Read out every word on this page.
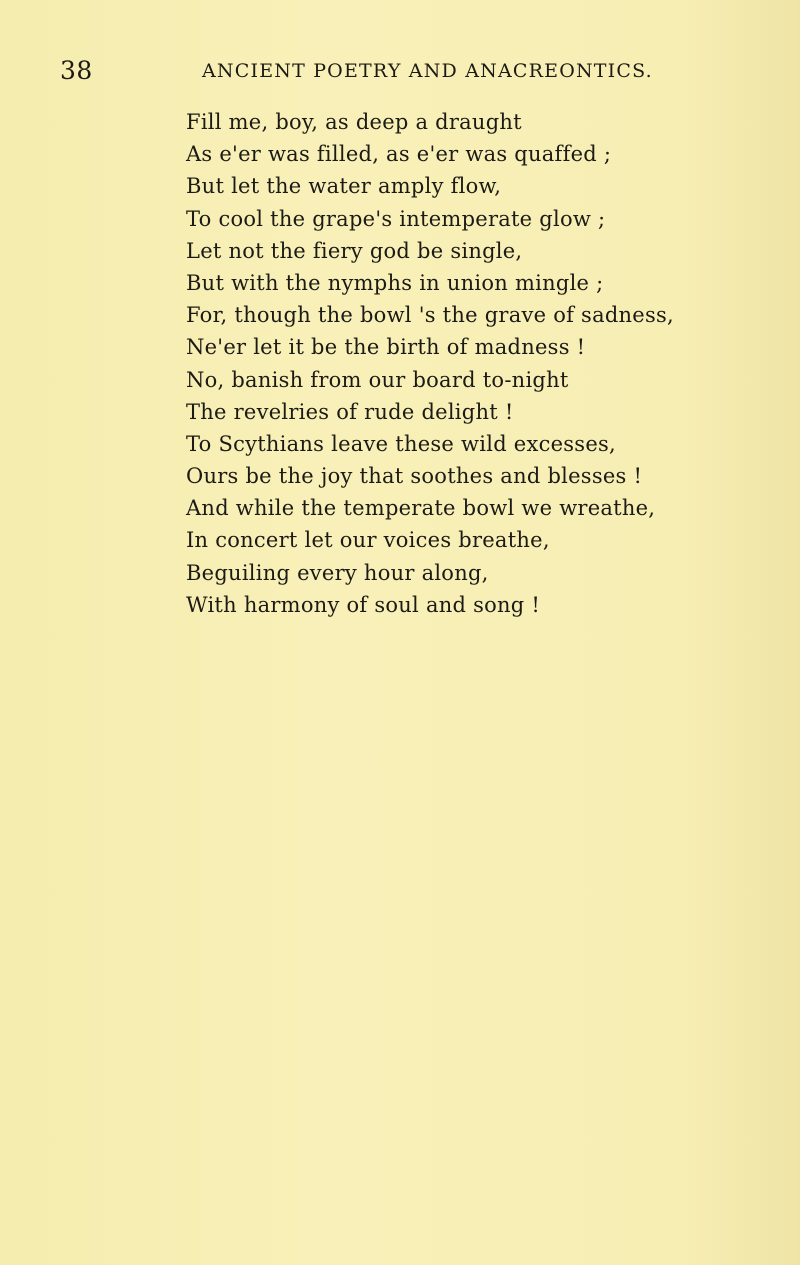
38	ANCIENT POETRY AND ANACREONTICS.
Fill me, boy, as deep a draught
As e'er was filled, as e'er was quaffed ;
But let the water amply flow,
To cool the grape's intemperate glow ;
Let not the fiery god be single,
But with the nymphs in union mingle ;
For, though the bowl 's the grave of sadness,
Ne'er let it be the birth of madness !
No, banish from our board to-night
The revelries of rude delight !
To Scythians leave these wild excesses,
Ours be the joy that soothes and blesses !
And while the temperate bowl we wreathe,
In concert let our voices breathe,
Beguiling every hour along,
With harmony of soul and song !
